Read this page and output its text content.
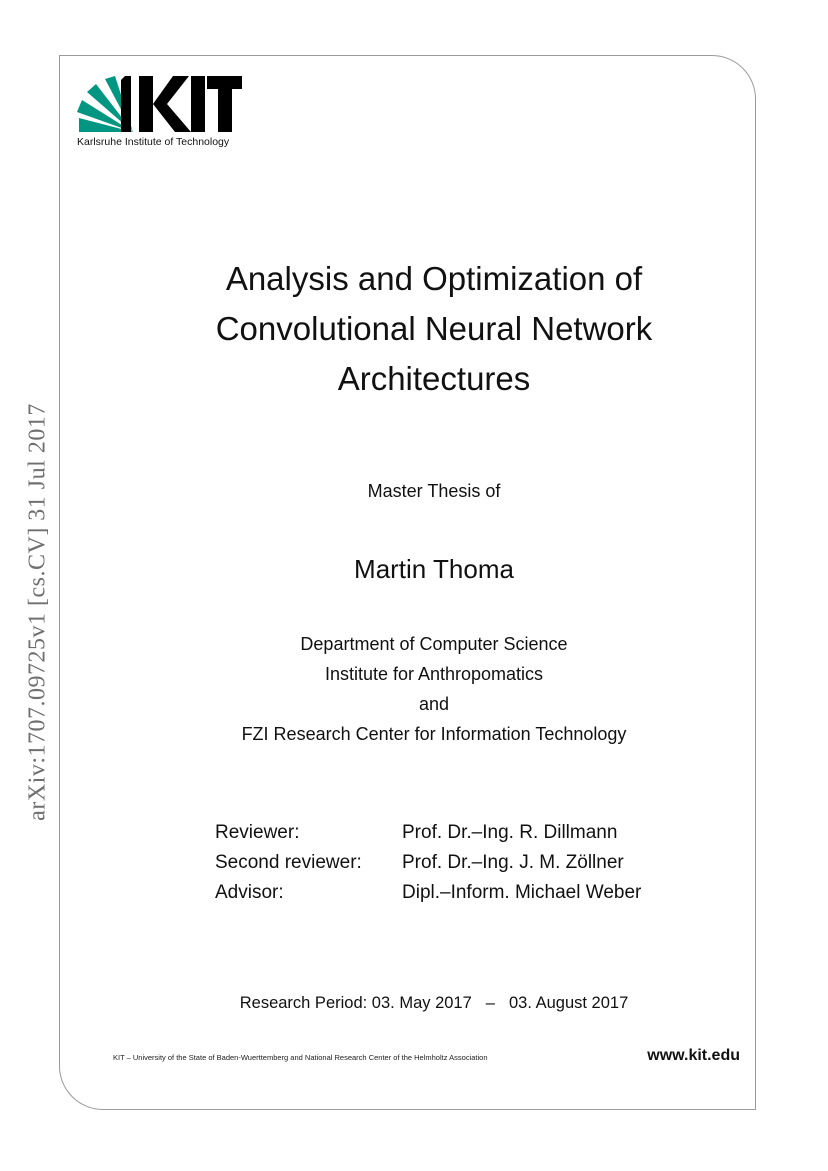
arXiv:1707.09725v1 [cs.CV] 31 Jul 2017
Karlsruhe Institute of Technology
Analysis and Optimization of
Convolutional Neural Network
Architectures
Master Thesis of
Martin Thoma
Department of Computer Science
Institute for Anthropomatics
and
FZI Research Center for Information Technology
Reviewer:	Prof. Dr.–Ing. R. Dillmann
Second reviewer:	Prof. Dr.–Ing. J. M. Zöllner
Advisor:	Dipl.–Inform. Michael Weber
Research Period: 03. May 2017 – 03. August 2017
KIT – University of the State of Baden-Wuerttemberg and National Research Center of the Helmholtz Association	www.kit.edu
